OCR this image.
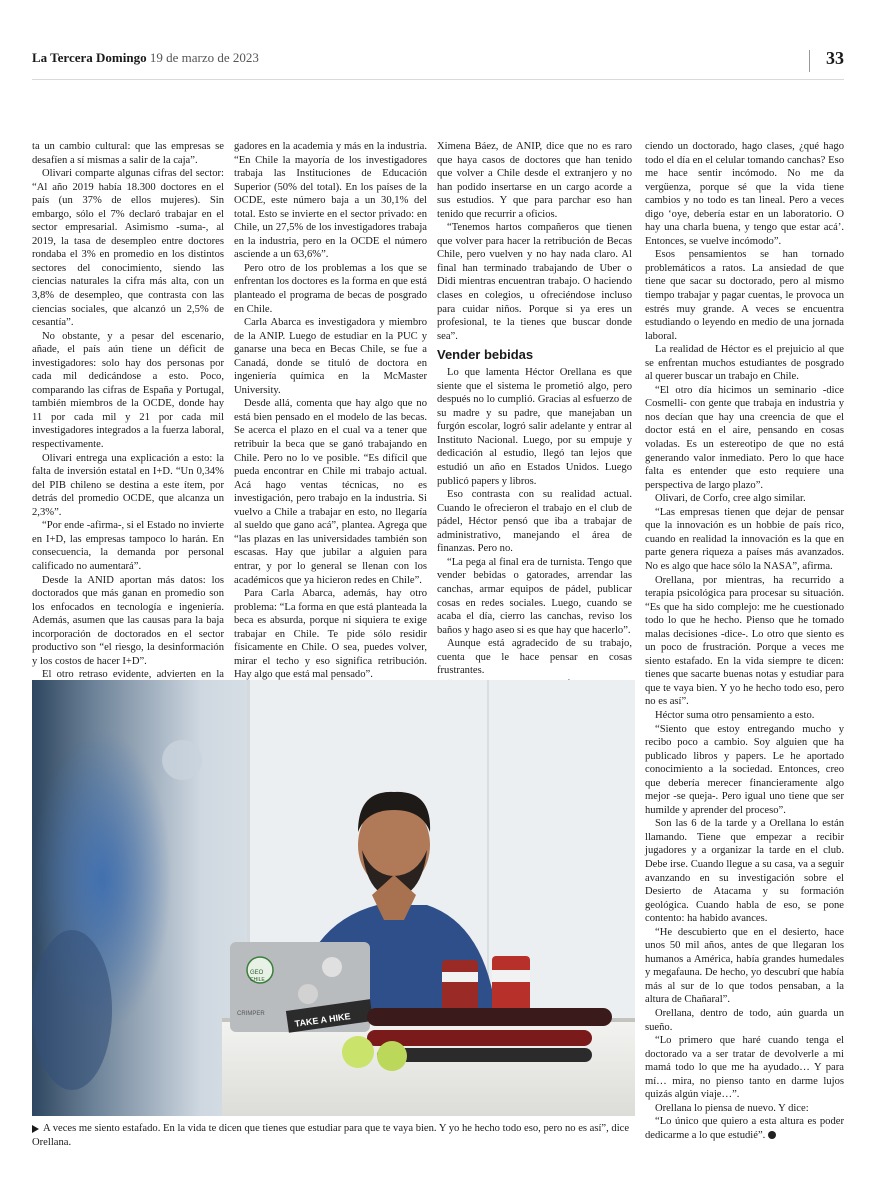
La Tercera Domingo 19 de marzo de 2023	33

ta un cambio cultural: que las empresas se desafíen a sí mismas a salir de la caja”.

Olivari comparte algunas cifras del sector: “Al año 2019 había 18.300 doctores en el país (un 37% de ellos mujeres). Sin embargo, sólo el 7% declaró trabajar en el sector empresarial. Asimismo -suma-, al 2019, la tasa de desempleo entre doctores rondaba el 3% en promedio en los distintos sectores del conocimiento, siendo las ciencias naturales la cifra más alta, con un 3,8% de desempleo, que contrasta con las ciencias sociales, que alcanzó un 2,5% de cesantía”.

No obstante, y a pesar del escenario, añade, el país aún tiene un déficit de investigadores: solo hay dos personas por cada mil dedicándose a esto. Poco, comparando las cifras de España y Portugal, también miembros de la OCDE, donde hay 11 por cada mil y 21 por cada mil investigadores integrados a la fuerza laboral, respectivamente.

Olivari entrega una explicación a esto: la falta de inversión estatal en I+D. “Un 0,34% del PIB chileno se destina a este ítem, por detrás del promedio OCDE, que alcanza un 2,3%”.

“Por ende -afirma-, si el Estado no invierte en I+D, las empresas tampoco lo harán. En consecuencia, la demanda por personal calificado no aumentará”.

Desde la ANID aportan más datos: los doctorados que más ganan en promedio son los enfocados en tecnología e ingeniería. Además, asumen que las causas para la baja incorporación de doctorados en el sector productivo son “el riesgo, la desinformación y los costos de hacer I+D”.

El otro retraso evidente, advierten en la

gadores en la academia y más en la industria. “En Chile la mayoría de los investigadores trabaja las Instituciones de Educación Superior (50% del total). En los países de la OCDE, este número baja a un 30,1% del total. Esto se invierte en el sector privado: en Chile, un 27,5% de los investigadores trabaja en la industria, pero en la OCDE el número asciende a un 63,6%”.

Pero otro de los problemas a los que se enfrentan los doctores es la forma en que está planteado el programa de becas de posgrado en Chile.

Carla Abarca es investigadora y miembro de la ANIP. Luego de estudiar en la PUC y ganarse una beca en Becas Chile, se fue a Canadá, donde se tituló de doctora en ingeniería química en la McMaster University.

Desde allá, comenta que hay algo que no está bien pensado en el modelo de las becas. Se acerca el plazo en el cual va a tener que retribuir la beca que se ganó trabajando en Chile. Pero no lo ve posible. “Es difícil que pueda encontrar en Chile mi trabajo actual. Acá hago ventas técnicas, no es investigación, pero trabajo en la industria. Si vuelvo a Chile a trabajar en esto, no llegaría al sueldo que gano acá”, plantea. Agrega que “las plazas en las universidades también son escasas. Hay que jubilar a alguien para entrar, y por lo general se llenan con los académicos que ya hicieron redes en Chile”.

Para Carla Abarca, además, hay otro problema: “La forma en que está planteada la beca es absurda, porque ni siquiera te exige trabajar en Chile. Te pide sólo residir físicamente en Chile. O sea, puedes volver, mirar el techo y eso significa retribución. Hay algo que está mal pensado”.

Ximena Báez, de ANIP, dice que no es raro que haya casos de doctores que han tenido que volver a Chile desde el extranjero y no han podido insertarse en un cargo acorde a sus estudios. Y que para parchar eso han tenido que recurrir a oficios.

“Tenemos hartos compañeros que tienen que volver para hacer la retribución de Becas Chile, pero vuelven y no hay nada claro. Al final han terminado trabajando de Uber o Didi mientras encuentran trabajo. O haciendo clases en colegios, u ofreciéndose incluso para cuidar niños. Porque si ya eres un profesional, te la tienes que buscar donde sea”.

Vender bebidas

Lo que lamenta Héctor Orellana es que siente que el sistema le prometió algo, pero después no lo cumplió. Gracias al esfuerzo de su madre y su padre, que manejaban un furgón escolar, logró salir adelante y entrar al Instituto Nacional. Luego, por su empuje y dedicación al estudio, llegó tan lejos que estudió un año en Estados Unidos. Luego publicó papers y libros.

Eso contrasta con su realidad actual. Cuando le ofrecieron el trabajo en el club de pádel, Héctor pensó que iba a trabajar de administrativo, manejando el área de finanzas. Pero no.

“La pega al final era de turnista. Tengo que vender bebidas o gatorades, arrendar las canchas, armar equipos de pádel, publicar cosas en redes sociales. Luego, cuando se acaba el día, cierro las canchas, reviso los baños y hago aseo si es que hay que hacerlo”.

Aunque está agradecido de su trabajo, cuenta que le hace pensar en cosas frustrantes.

ciendo un doctorado, hago clases, ¿qué hago todo el día en el celular tomando canchas? Eso me hace sentir incómodo. No me da vergüenza, porque sé que la vida tiene cambios y no todo es tan lineal. Pero a veces digo ‘oye, debería estar en un laboratorio. O hay una charla buena, y tengo que estar acá’. Entonces, se vuelve incómodo”.

Esos pensamientos se han tornado problemáticos a ratos. La ansiedad de que tiene que sacar su doctorado, pero al mismo tiempo trabajar y pagar cuentas, le provoca un estrés muy grande. A veces se encuentra estudiando o leyendo en medio de una jornada laboral.

La realidad de Héctor es el prejuicio al que se enfrentan muchos estudiantes de posgrado al querer buscar un trabajo en Chile.

“El otro día hicimos un seminario -dice Cosmelli- con gente que trabaja en industria y nos decían que hay una creencia de que el doctor está en el aire, pensando en cosas voladas. Es un estereotipo de que no está generando valor inmediato. Pero lo que hace falta es entender que esto requiere una perspectiva de largo plazo”.

Olivari, de Corfo, cree algo similar.

“Las empresas tienen que dejar de pensar que la innovación es un hobbie de país rico, cuando en realidad la innovación es la que en parte genera riqueza a países más avanzados. No es algo que hace sólo la NASA”, afirma.

Orellana, por mientras, ha recurrido a terapia psicológica para procesar su situación. “Es que ha sido complejo: me he cuestionado todo lo que he hecho. Pienso que he tomado malas decisiones -dice-. Lo otro que siento es un poco de frustración. Porque a veces me siento estafado. En la vida siempre te dicen: tienes que sacarte buenas notas y estudiar para que te vaya bien. Y yo he hecho todo eso, pero no es así”.

Héctor suma otro pensamiento a esto.

“Siento que estoy entregando mucho y recibo poco a cambio. Soy alguien que ha publicado libros y papers. Le he aportado conocimiento a la sociedad. Entonces, creo que debería merecer financieramente algo mejor -se queja-. Pero igual uno tiene que ser humilde y aprender del proceso”.

Son las 6 de la tarde y a Orellana lo están llamando. Tiene que empezar a recibir jugadores y a organizar la tarde en el club. Debe irse. Cuando llegue a su casa, va a seguir avanzando en su investigación sobre el Desierto de Atacama y su formación geológica. Cuando habla de eso, se pone contento: ha habido avances.

“He descubierto que en el desierto, hace unos 50 mil años, antes de que llegaran los humanos a América, había grandes humedales y megafauna. De hecho, yo descubrí que había más al sur de lo que todos pensaban, a la altura de Chañaral”.

Orellana, dentro de todo, aún guarda un sueño.

“Lo primero que haré cuando tenga el doctorado va a ser tratar de devolverle a mi mamá todo lo que me ha ayudado… Y para mí… mira, no pienso tanto en darme lujos quizás algún viaje…”.

Orellana lo piensa de nuevo. Y dice:

“Lo único que quiero a esta altura es poder dedicarme a lo que estudié”.

GEO
CHILE
CRIMPER	TAKE A HIKE
A veces me siento estafado. En la vida te dicen que tienes que estudiar para que te vaya bien. Y yo he hecho todo eso, pero no es así”, dice Orellana.
